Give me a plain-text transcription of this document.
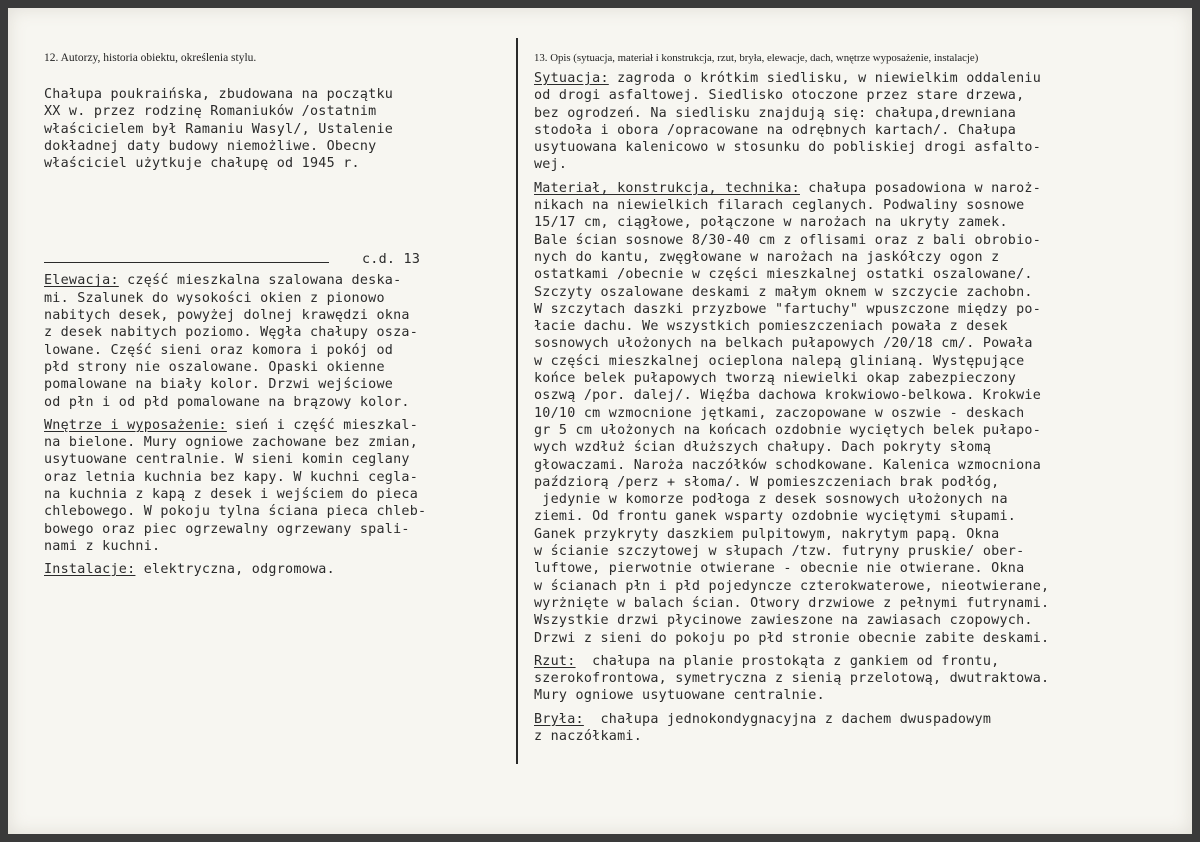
12. Autorzy, historia obiektu, określenia stylu.
Chałupa poukraińska, zbudowana na początku
XX w. przez rodzinę Romaniuków /ostatnim
właścicielem był Ramaniu Wasyl/, Ustalenie
dokładnej daty budowy niemożliwe. Obecny
właściciel użytkuje chałupę od 1945 r.
c.d. 13
Elewacja: część mieszkalna szalowana deska-
mi. Szalunek do wysokości okien z pionowo
nabitych desek, powyżej dolnej krawędzi okna
z desek nabitych poziomo. Węgła chałupy osza-
lowane. Część sieni oraz komora i pokój od
płd strony nie oszalowane. Opaski okienne
pomalowane na biały kolor. Drzwi wejściowe
od płn i od płd pomalowane na brązowy kolor.
Wnętrze i wyposażenie: sień i część mieszkal-
na bielone. Mury ogniowe zachowane bez zmian,
usytuowane centralnie. W sieni komin ceglany
oraz letnia kuchnia bez kapy. W kuchni cegla-
na kuchnia z kapą z desek i wejściem do pieca
chlebowego. W pokoju tylna ściana pieca chleb-
bowego oraz piec ogrzewalny ogrzewany spali-
nami z kuchni.
Instalacje: elektryczna, odgromowa.
13. Opis (sytuacja, materiał i konstrukcja, rzut, bryła, elewacje, dach, wnętrze wyposażenie, instalacje)
Sytuacja: zagroda o krótkim siedlisku, w niewielkim oddaleniu
od drogi asfaltowej. Siedlisko otoczone przez stare drzewa,
bez ogrodzeń. Na siedlisku znajdują się: chałupa,drewniana
stodoła i obora /opracowane na odrębnych kartach/. Chałupa
usytuowana kalenicowo w stosunku do pobliskiej drogi asfalto-
wej.
Materiał, konstrukcja, technika: chałupa posadowiona w naroż-
nikach na niewielkich filarach ceglanych. Podwaliny sosnowe
15/17 cm, ciągłowe, połączone w narożach na ukryty zamek.
Bale ścian sosnowe 8/30-40 cm z oflisami oraz z bali obrobio-
nych do kantu, zwęgłowane w narożach na jaskółczy ogon z
ostatkami /obecnie w części mieszkalnej ostatki oszalowane/.
Szczyty oszalowane deskami z małym oknem w szczycie zachobn.
W szczytach daszki przyzbowe "fartuchy" wpuszczone między po-
łacie dachu. We wszystkich pomieszczeniach powała z desek
sosnowych ułożonych na belkach pułapowych /20/18 cm/. Powała
w części mieszkalnej ocieplona nalepą glinianą. Występujące
końce belek pułapowych tworzą niewielki okap zabezpieczony
oszwą /por. dalej/. Więźba dachowa krokwiowo-belkowa. Krokwie
10/10 cm wzmocnione jętkami, zaczopowane w oszwie - deskach
gr 5 cm ułożonych na końcach ozdobnie wyciętych belek pułapo-
wych wzdłuż ścian dłuższych chałupy. Dach pokryty słomą
głowaczami. Naroża naczółków schodkowane. Kalenica wzmocniona
paździorą /perz + słoma/. W pomieszczeniach brak podłóg,
jedynie w komorze podłoga z desek sosnowych ułożonych na
ziemi. Od frontu ganek wsparty ozdobnie wyciętymi słupami.
Ganek przykryty daszkiem pulpitowym, nakrytym papą. Okna
w ścianie szczytowej w słupach /tzw. futryny pruskie/ ober-
luftowe, pierwotnie otwierane - obecnie nie otwierane. Okna
w ścianach płn i płd pojedyncze czterokwaterowe, nieotwierane,
wyrżnięte w balach ścian. Otwory drzwiowe z pełnymi futrynami.
Wszystkie drzwi płycinowe zawieszone na zawiasach czopowych.
Drzwi z sieni do pokoju po płd stronie obecnie zabite deskami.
Rzut:  chałupa na planie prostokąta z gankiem od frontu,
szerokofrontowa, symetryczna z sienią przelotową, dwutraktowa.
Mury ogniowe usytuowane centralnie.
Bryła:  chałupa jednokondygnacyjna z dachem dwuspadowym
z naczółkami.
